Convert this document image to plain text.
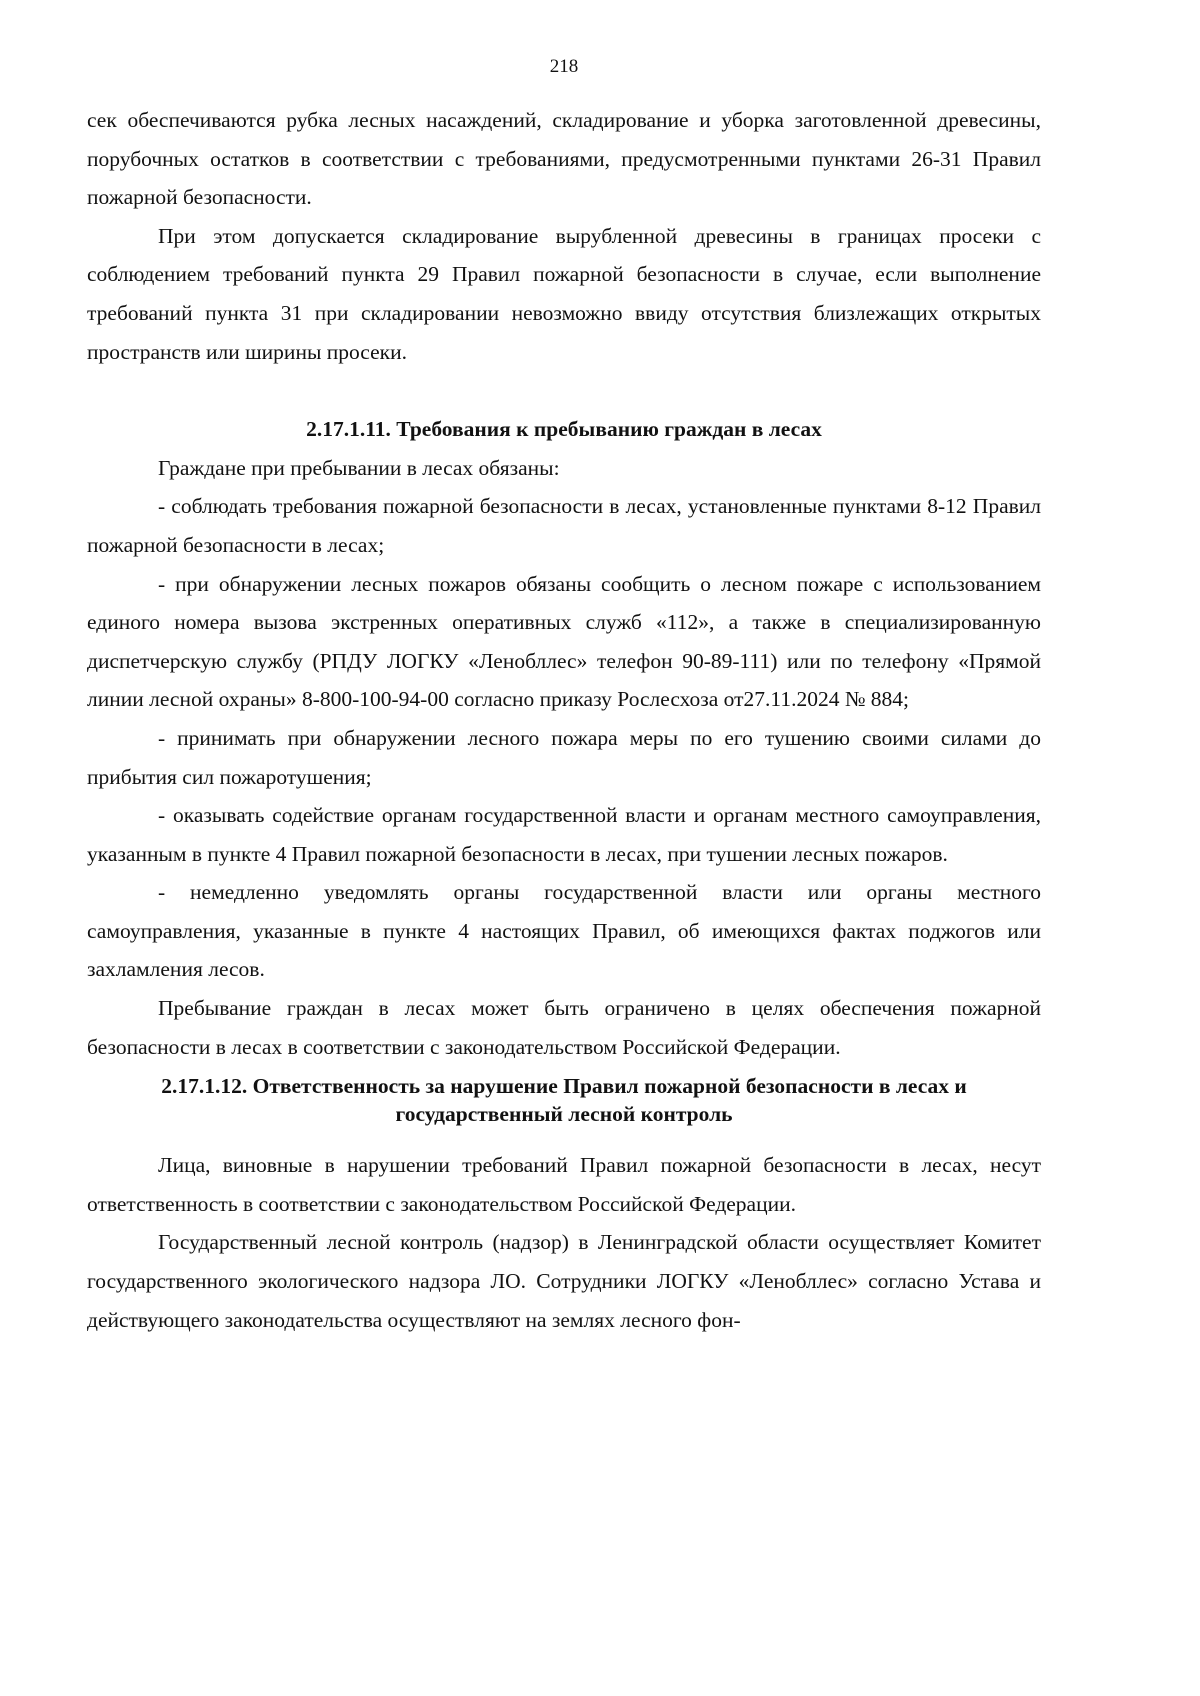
218

сек обеспечиваются рубка лесных насаждений, складирование и уборка заготовленной древесины, порубочных остатков в соответствии с требованиями, предусмотренными пунктами 26-31 Правил пожарной безопасности.

При этом допускается складирование вырубленной древесины в границах просеки с соблюдением требований пункта 29 Правил пожарной безопасности в случае, если выполнение требований пункта 31 при складировании невозможно ввиду отсутствия близлежащих открытых пространств или ширины просеки.

2.17.1.11. Требования к пребыванию граждан в лесах

Граждане при пребывании в лесах обязаны:

- соблюдать требования пожарной безопасности в лесах, установленные пунктами 8-12 Правил пожарной безопасности в лесах;

- при обнаружении лесных пожаров обязаны сообщить о лесном пожаре с использованием единого номера вызова экстренных оперативных служб «112», а также в специализированную диспетчерскую службу (РПДУ ЛОГКУ «Ленобллес» телефон 90-89-111) или по телефону «Прямой линии лесной охраны» 8-800-100-94-00 согласно приказу Рослесхоза от27.11.2024 № 884;

- принимать при обнаружении лесного пожара меры по его тушению своими силами до прибытия сил пожаротушения;

- оказывать содействие органам государственной власти и органам местного самоуправления, указанным в пункте 4 Правил пожарной безопасности в лесах, при тушении лесных пожаров.

- немедленно уведомлять органы государственной власти или органы местного самоуправления, указанные в пункте 4 настоящих Правил, об имеющихся фактах поджогов или захламления лесов.

Пребывание граждан в лесах может быть ограничено в целях обеспечения пожарной безопасности в лесах в соответствии с законодательством Российской Федерации.

2.17.1.12. Ответственность за нарушение Правил пожарной безопасности в лесах и
государственный лесной контроль

Лица, виновные в нарушении требований Правил пожарной безопасности в лесах, несут ответственность в соответствии с законодательством Российской Федерации.

Государственный лесной контроль (надзор) в Ленинградской области осуществляет Комитет государственного экологического надзора ЛО. Сотрудники ЛОГКУ «Ленобллес» согласно Устава и действующего законодательства осуществляют на землях лесного фон-
